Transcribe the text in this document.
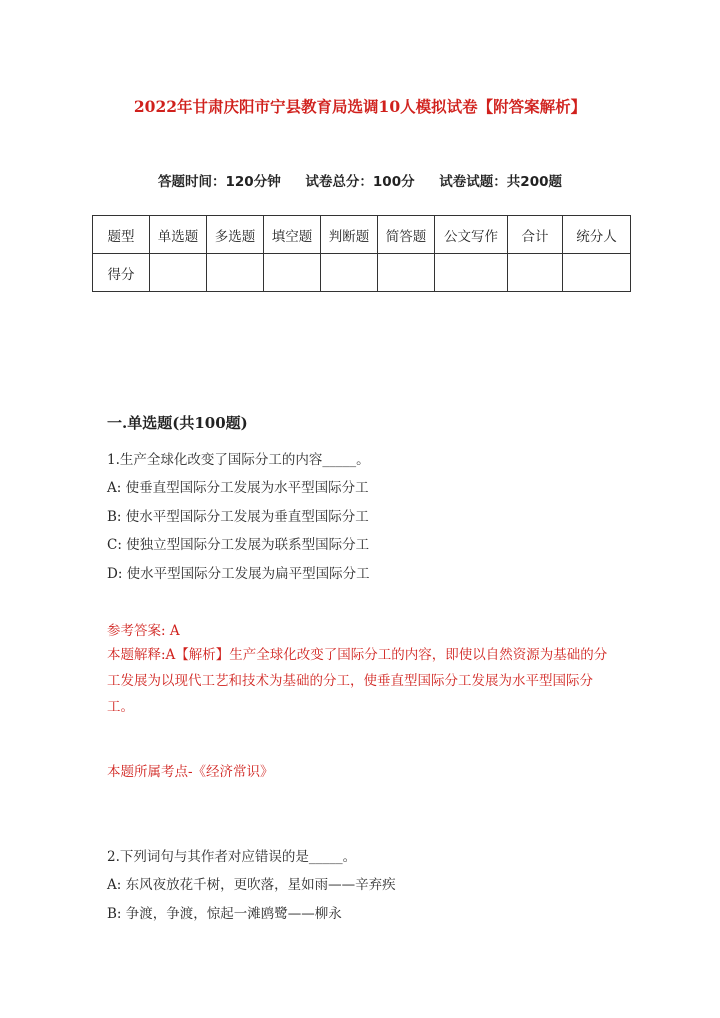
2022年甘肃庆阳市宁县教育局选调10人模拟试卷【附答案解析】
答题时间：120分钟 试卷总分：100分 试卷试题：共200题
题型	单选题	多选题	填空题	判断题	简答题	公文写作	合计	统分人
得分								
一.单选题(共100题)
1.生产全球化改变了国际分工的内容_____。
A: 使垂直型国际分工发展为水平型国际分工
B: 使水平型国际分工发展为垂直型国际分工
C: 使独立型国际分工发展为联系型国际分工
D: 使水平型国际分工发展为扁平型国际分工
参考答案: A
本题解释:A【解析】生产全球化改变了国际分工的内容，即使以自然资源为基础的分工发展为以现代工艺和技术为基础的分工，使垂直型国际分工发展为水平型国际分工。
本题所属考点-《经济常识》
2.下列词句与其作者对应错误的是_____。
A: 东风夜放花千树，更吹落，星如雨——辛弃疾
B: 争渡，争渡，惊起一滩鸥鹭——柳永
